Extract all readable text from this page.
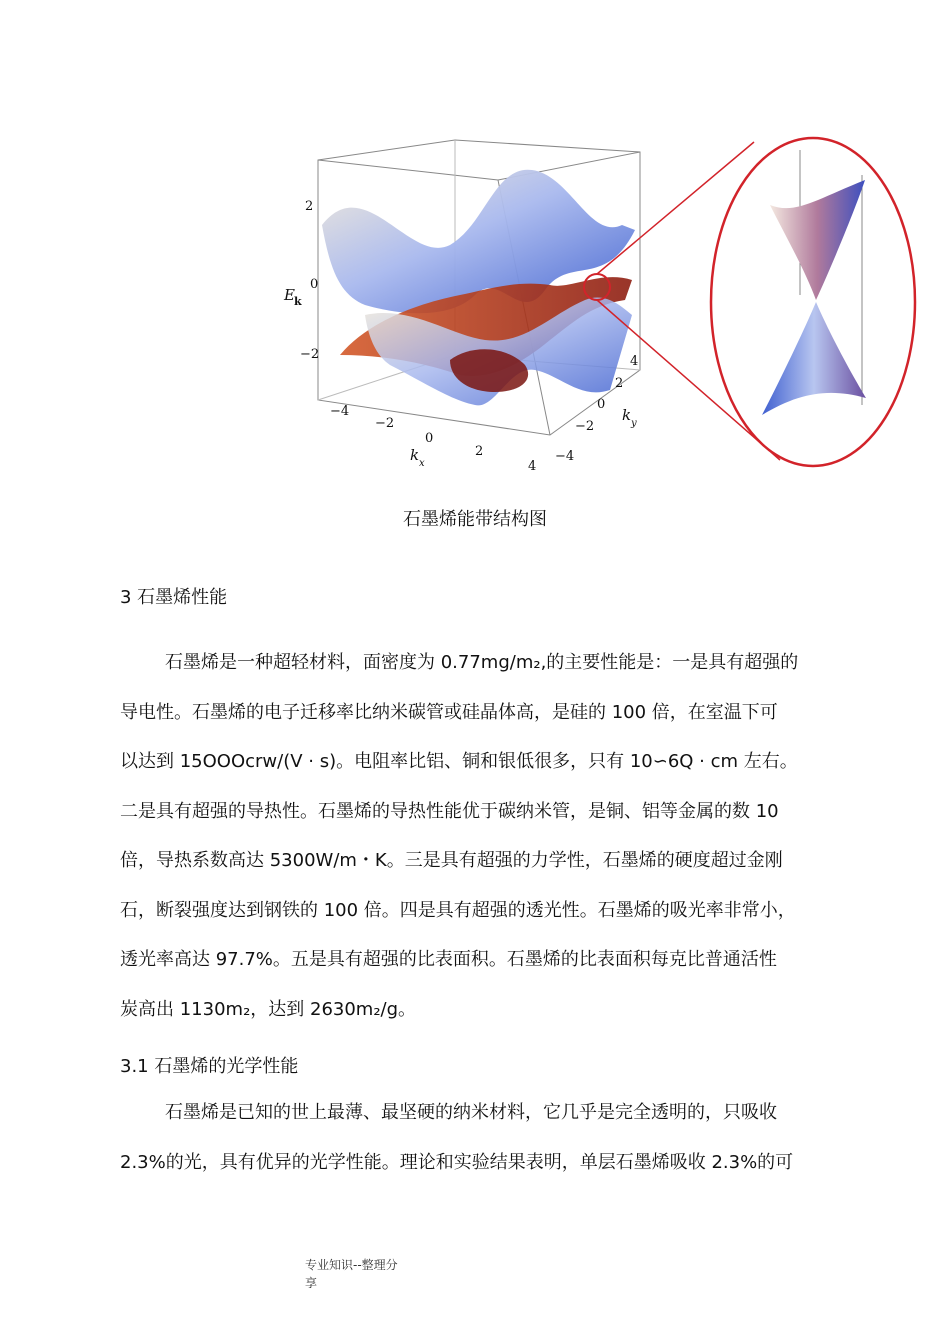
2
0
−2
E k
−4
−2
0
2
4
k x
4
2
0
−2
−4
k y
石墨烯能带结构图
3 石墨烯性能
石墨烯是一种超轻材料，面密度为 0.77mg/m₂,的主要性能是：一是具有超强的
导电性。石墨烯的电子迁移率比纳米碳管或硅晶体高，是硅的 100 倍，在室温下可
以达到 15OOOcrw/(V · s)。电阻率比铝、铜和银低很多，只有 10∽6Q · cm 左右。
二是具有超强的导热性。石墨烯的导热性能优于碳纳米管，是铜、铝等金属的数 10
倍，导热系数高达 5300W/m・K。三是具有超强的力学性，石墨烯的硬度超过金刚
石，断裂强度达到钢铁的 100 倍。四是具有超强的透光性。石墨烯的吸光率非常小，
透光率高达 97.7%。五是具有超强的比表面积。石墨烯的比表面积每克比普通活性
炭高出 1130m₂，达到 2630m₂/g。
3.1 石墨烯的光学性能
石墨烯是已知的世上最薄、最坚硬的纳米材料，它几乎是完全透明的，只吸收
2.3%的光，具有优异的光学性能。理论和实验结果表明，单层石墨烯吸收 2.3%的可
专业知识--整理分
享
